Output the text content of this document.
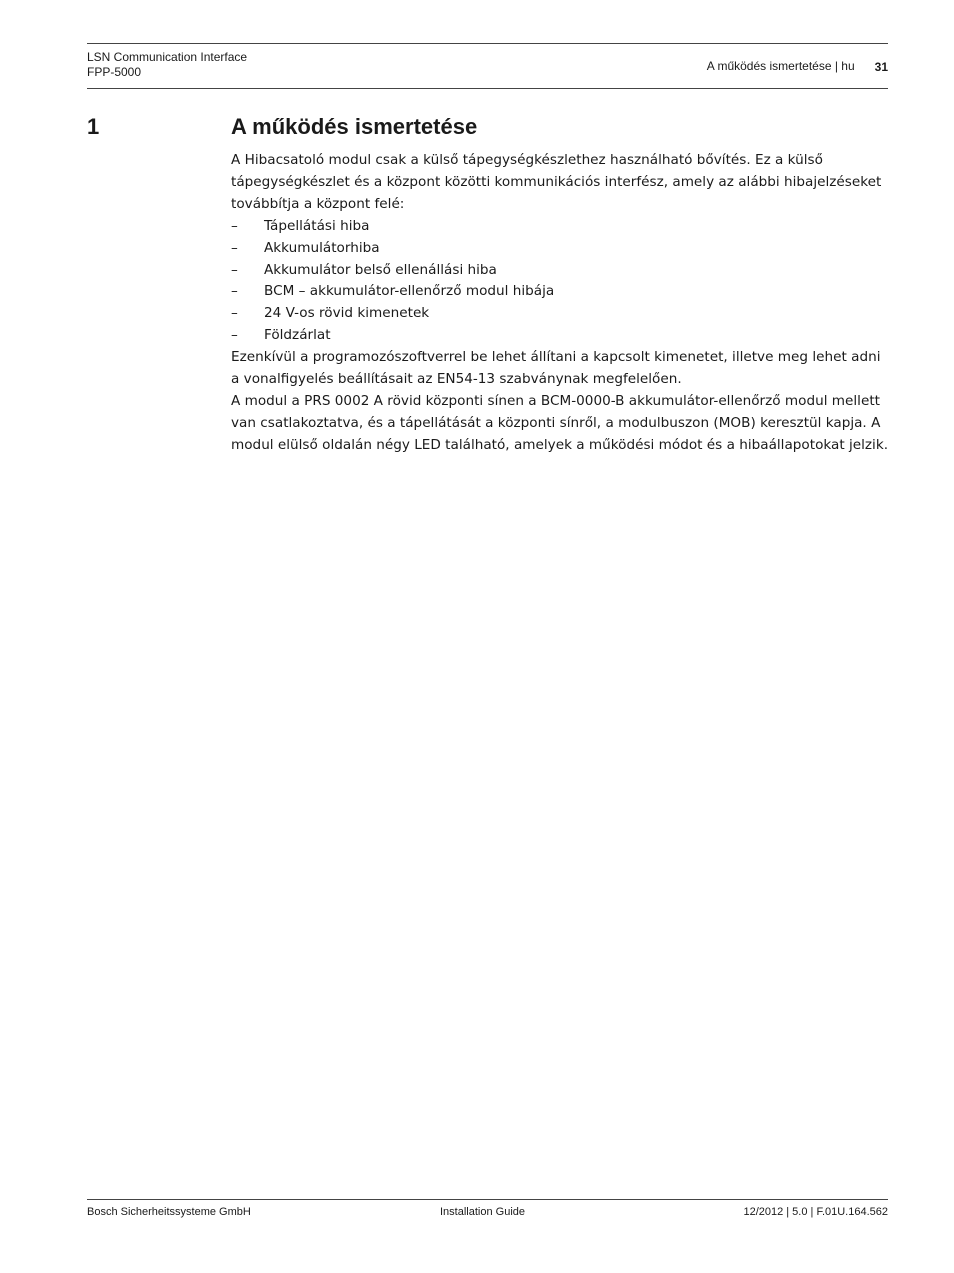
LSN Communication Interface
FPP-5000	A működés ismertetése | hu 31
1	A működés ismertetése

A Hibacsatoló modul csak a külső tápegységkészlethez használható bővítés. Ez a külső tápegységkészlet és a központ közötti kommunikációs interfész, amely az alábbi hibajelzéseket továbbítja a központ felé:

–	Tápellátási hiba
–	Akkumulátorhiba
–	Akkumulátor belső ellenállási hiba
–	BCM – akkumulátor-ellenőrző modul hibája
–	24 V-os rövid kimenetek
–	Földzárlat

Ezenkívül a programozószoftverrel be lehet állítani a kapcsolt kimenetet, illetve meg lehet adni a vonalfigyelés beállításait az EN54-13 szabványnak megfelelően.

A modul a PRS 0002 A rövid központi sínen a BCM-0000-B akkumulátor-ellenőrző modul mellett van csatlakoztatva, és a tápellátását a központi sínről, a modulbuszon (MOB) keresztül kapja. A modul elülső oldalán négy LED található, amelyek a működési módot és a hibaállapotokat jelzik.

Bosch Sicherheitssysteme GmbH	Installation Guide	12/2012 | 5.0 | F.01U.164.562
